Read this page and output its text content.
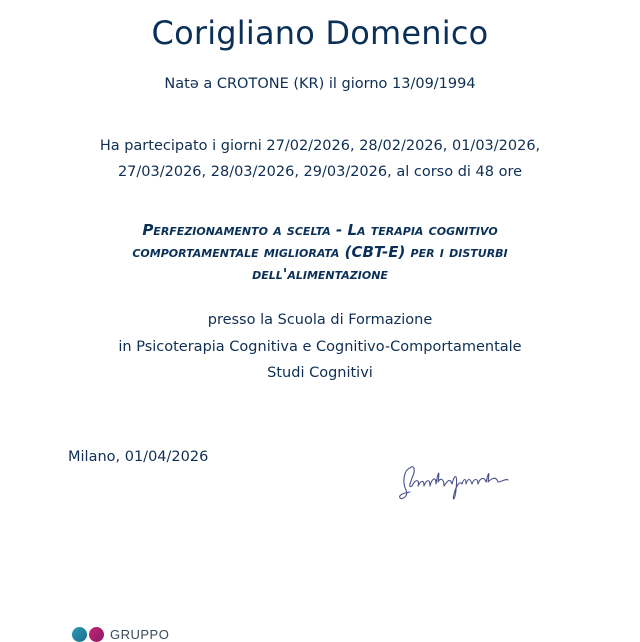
Corigliano Domenico
Natə a CROTONE (KR) il giorno 13/09/1994
Ha partecipato i giorni 27/02/2026, 28/02/2026, 01/03/2026,
27/03/2026, 28/03/2026, 29/03/2026, al corso di 48 ore
Perfezionamento a scelta - La terapia cognitivo
comportamentale migliorata (CBT-E) per i disturbi
dell'alimentazione
presso la Scuola di Formazione
in Psicoterapia Cognitiva e Cognitivo-Comportamentale
Studi Cognitivi
Milano, 01/04/2026
GRUPPO
